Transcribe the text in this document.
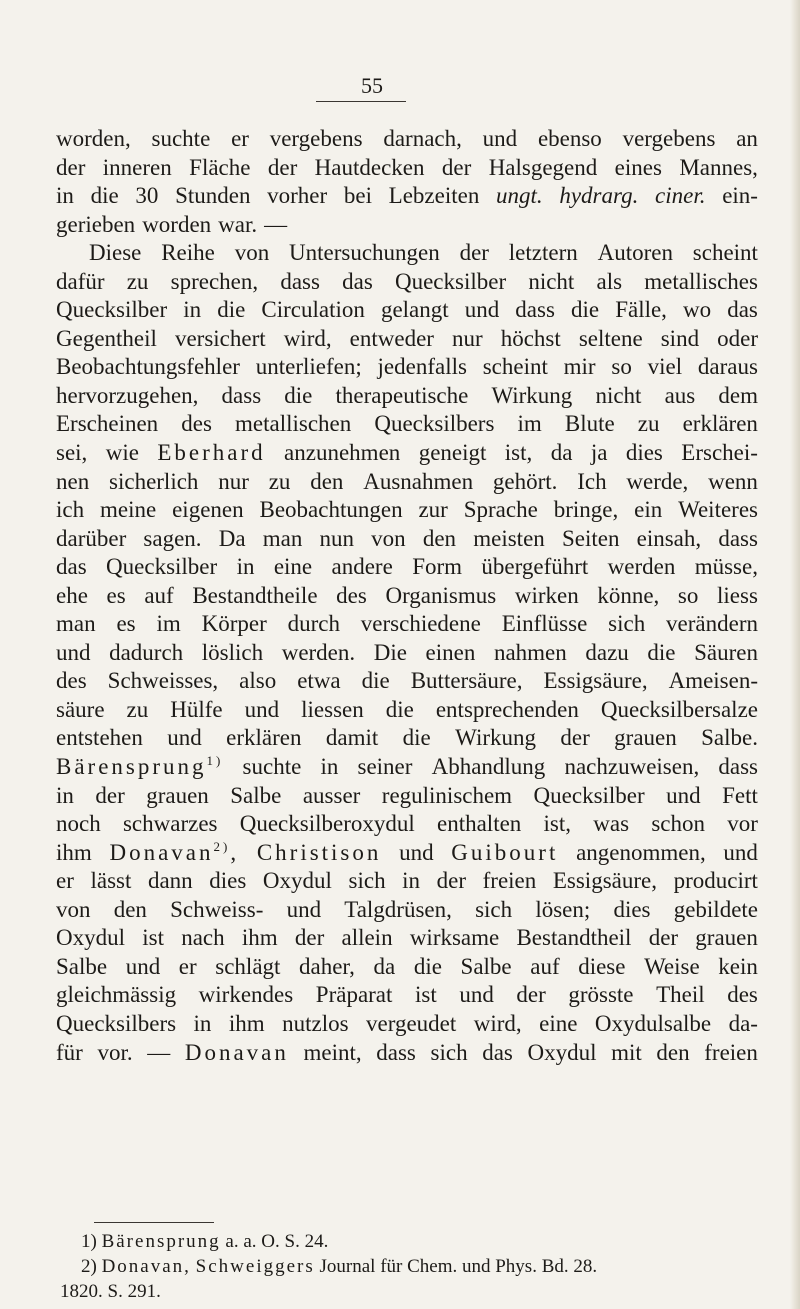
55
worden, suchte er vergebens darnach, und ebenso vergebens an
der inneren Fläche der Hautdecken der Halsgegend eines Mannes,
in die 30 Stunden vorher bei Lebzeiten ungt. hydrarg. ciner. ein-
gerieben worden war. —
Diese Reihe von Untersuchungen der letztern Autoren scheint
dafür zu sprechen, dass das Quecksilber nicht als metallisches
Quecksilber in die Circulation gelangt und dass die Fälle, wo das
Gegentheil versichert wird, entweder nur höchst seltene sind oder
Beobachtungsfehler unterliefen; jedenfalls scheint mir so viel daraus
hervorzugehen, dass die therapeutische Wirkung nicht aus dem
Erscheinen des metallischen Quecksilbers im Blute zu erklären
sei, wie Eberhard anzunehmen geneigt ist, da ja dies Erschei-
nen sicherlich nur zu den Ausnahmen gehört. Ich werde, wenn
ich meine eigenen Beobachtungen zur Sprache bringe, ein Weiteres
darüber sagen. Da man nun von den meisten Seiten einsah, dass
das Quecksilber in eine andere Form übergeführt werden müsse,
ehe es auf Bestandtheile des Organismus wirken könne, so liess
man es im Körper durch verschiedene Einflüsse sich verändern
und dadurch löslich werden. Die einen nahmen dazu die Säuren
des Schweisses, also etwa die Buttersäure, Essigsäure, Ameisen-
säure zu Hülfe und liessen die entsprechenden Quecksilbersalze
entstehen und erklären damit die Wirkung der grauen Salbe.
Bärensprung$^{1)}$ suchte in seiner Abhandlung nachzuweisen, dass
in der grauen Salbe ausser regulinischem Quecksilber und Fett
noch schwarzes Quecksilberoxydul enthalten ist, was schon vor
ihm Donavan$^{2)}$, Christison und Guibourt angenommen, und
er lässt dann dies Oxydul sich in der freien Essigsäure, producirt
von den Schweiss- und Talgdrüsen, sich lösen; dies gebildete
Oxydul ist nach ihm der allein wirksame Bestandtheil der grauen
Salbe und er schlägt daher, da die Salbe auf diese Weise kein
gleichmässig wirkendes Präparat ist und der grösste Theil des
Quecksilbers in ihm nutzlos vergeudet wird, eine Oxydulsalbe da-
für vor. — Donavan meint, dass sich das Oxydul mit den freien
1) Bärensprung a. a. O. S. 24.
2) Donavan, Schweiggers Journal für Chem. und Phys. Bd. 28.
1820. S. 291.
